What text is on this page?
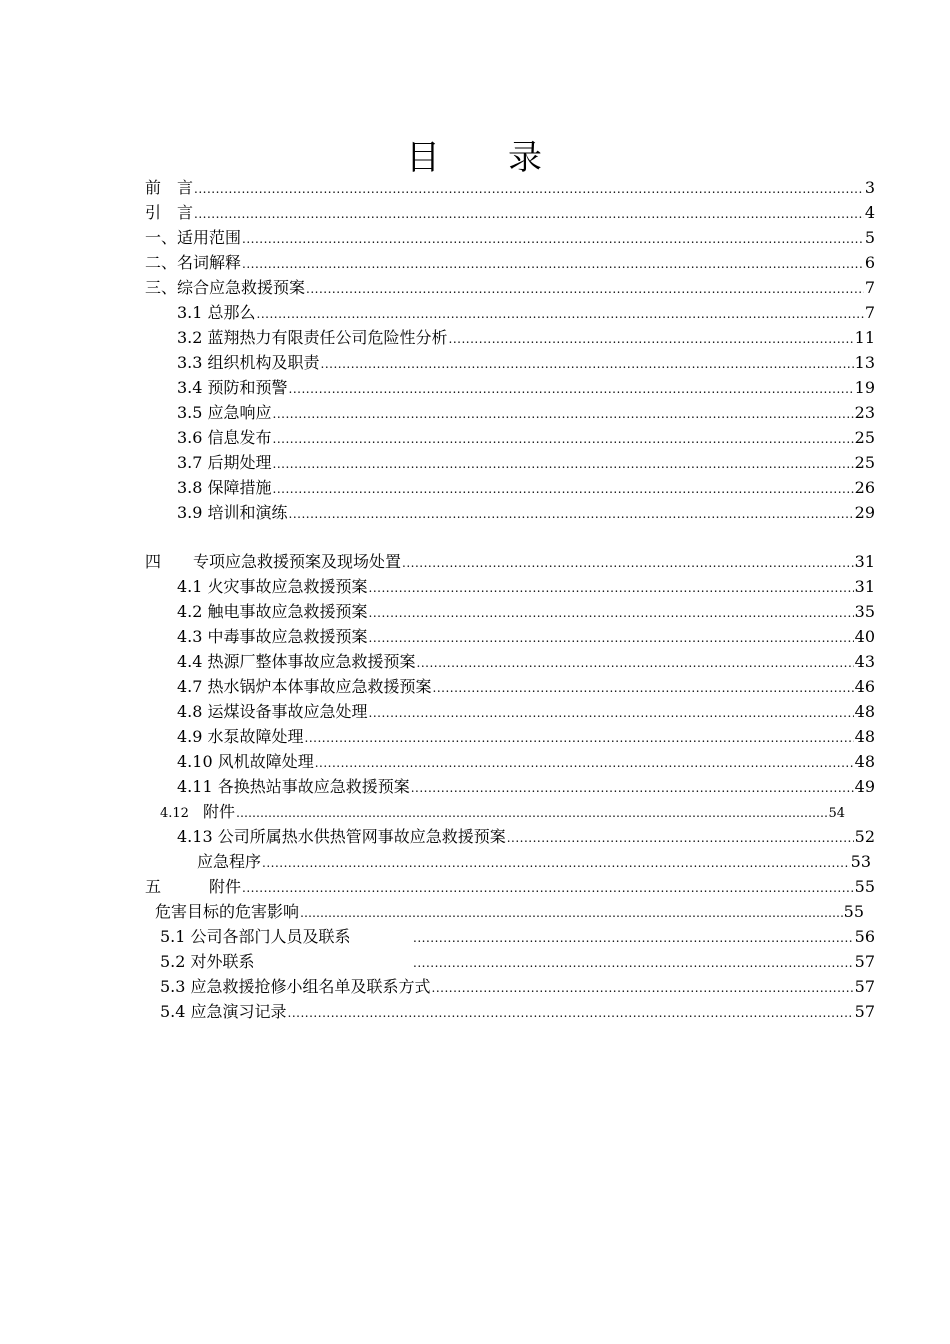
目 录
前　言 .....	3
引　言 .....	4
一、适用范围 .....	5
二、名词解释 .....	6
三、综合应急救援预案 .....	7
3.1 总那么 .....	7
3.2 蓝翔热力有限责任公司危险性分析 .....	11
3.3 组织机构及职责 .....	13
3.4 预防和预警 .....	19
3.5 应急响应 .....	23
3.6 信息发布 .....	25
3.7 后期处理 .....	25
3.8 保障措施 .....	26
3.9 培训和演练 .....	29
四　　专项应急救援预案及现场处置 .....	31
4.1 火灾事故应急救援预案 .....	31
4.2 触电事故应急救援预案 .....	35
4.3 中毒事故应急救援预案 .....	40
4.4 热源厂整体事故应急救援预案 .....	43
4.7 热水锅炉本体事故应急救援预案 .....	46
4.8 运煤设备事故应急处理 .....	48
4.9 水泵故障处理 .....	48
4.10 风机故障处理 .....	48
4.11 各换热站事故应急救援预案 .....	49
4.12 附件 ………………………………………………………………………………………………………………………………………………………………………………………………	54
4.13 公司所属热水供热管网事故应急救援预案 .....	52
应急程序 .....	53
五　　　附件 .....	55
危害目标的危害影响 ………………………………………………………………………………………………………………………………………………………………………………………………	55
5.1 公司各部门人员及联系 .....	56
5.2 对外联系 .....	57
5.3 应急救援抢修小组名单及联系方式 .....	57
5.4 应急演习记录 .....	57
